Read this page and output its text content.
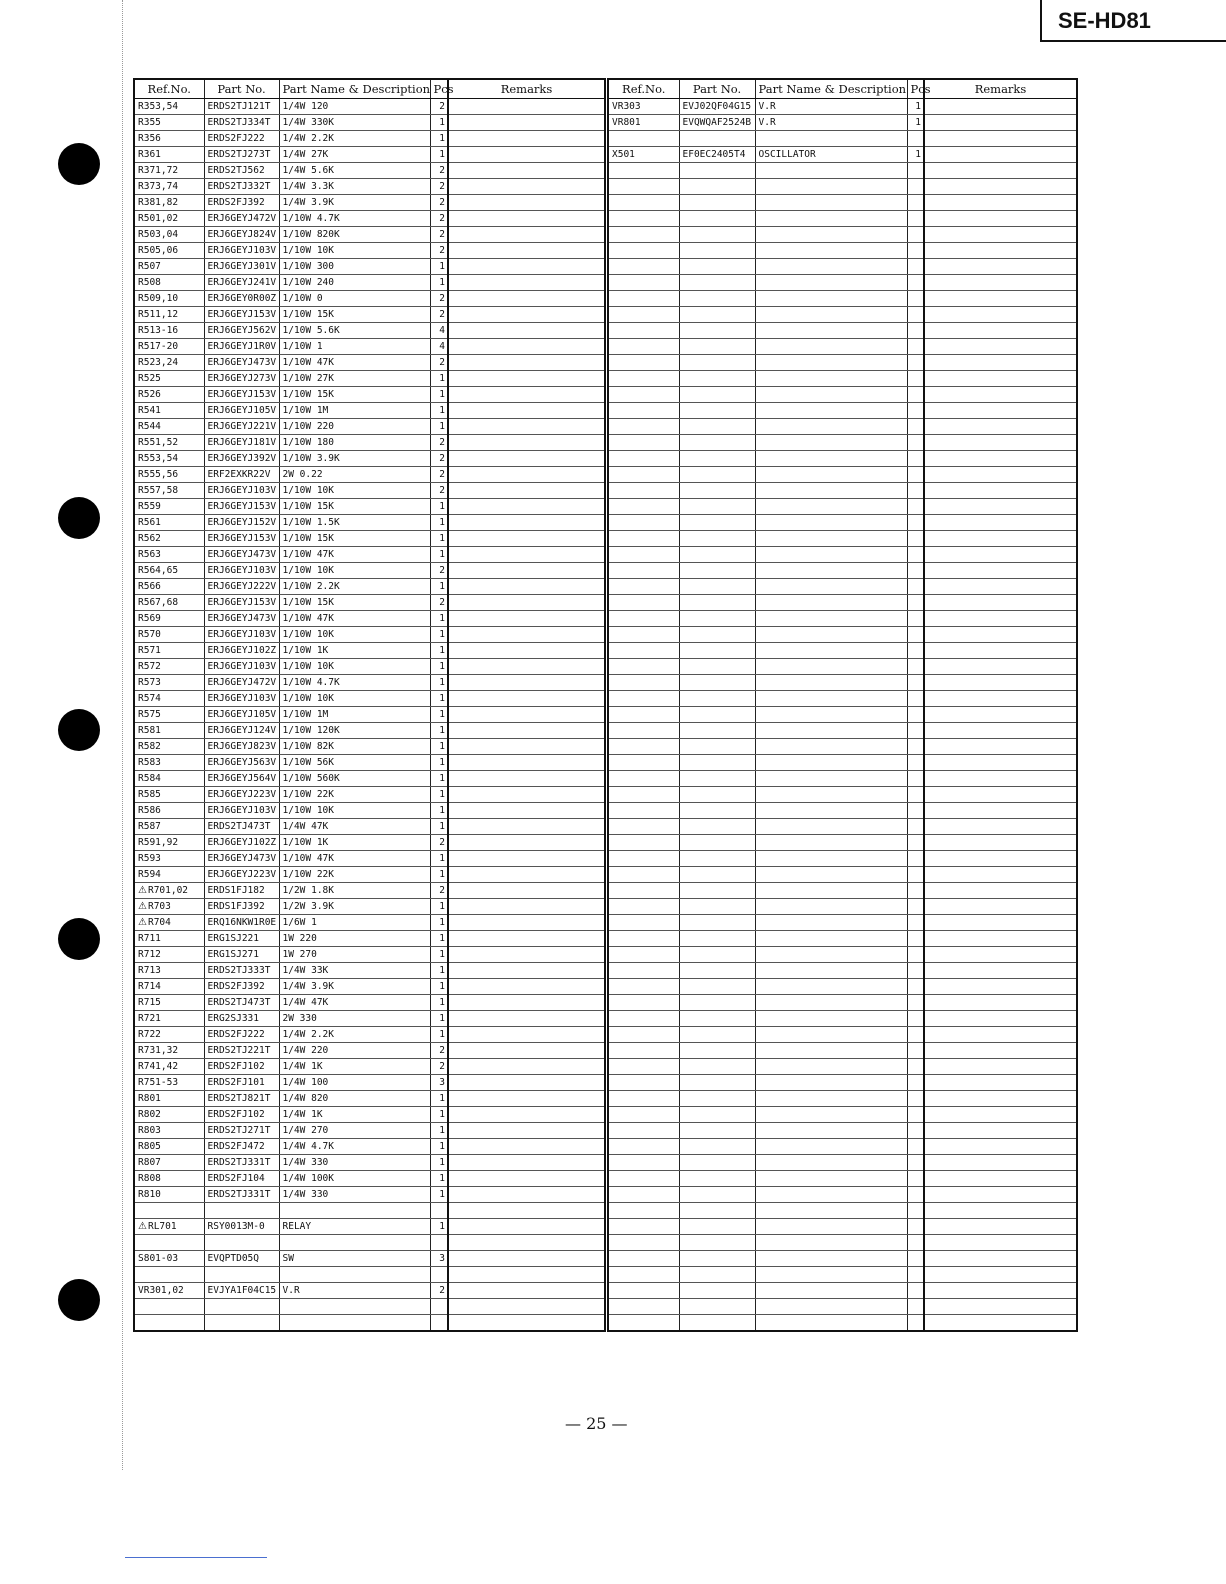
SE-HD81
Ref.No.	Part No.	Part Name & Description	Pcs	Remarks
R353,54	ERDS2TJ121T	1/4W 120	2	
R355	ERDS2TJ334T	1/4W 330K	1	
R356	ERDS2FJ222	1/4W 2.2K	1	
R361	ERDS2TJ273T	1/4W 27K	1	
R371,72	ERDS2TJ562	1/4W 5.6K	2	
R373,74	ERDS2TJ332T	1/4W 3.3K	2	
R381,82	ERDS2FJ392	1/4W 3.9K	2	
R501,02	ERJ6GEYJ472V	1/10W 4.7K	2	
R503,04	ERJ6GEYJ824V	1/10W 820K	2	
R505,06	ERJ6GEYJ103V	1/10W 10K	2	
R507	ERJ6GEYJ301V	1/10W 300	1	
R508	ERJ6GEYJ241V	1/10W 240	1	
R509,10	ERJ6GEY0R00Z	1/10W 0	2	
R511,12	ERJ6GEYJ153V	1/10W 15K	2	
R513-16	ERJ6GEYJ562V	1/10W 5.6K	4	
R517-20	ERJ6GEYJ1R0V	1/10W 1	4	
R523,24	ERJ6GEYJ473V	1/10W 47K	2	
R525	ERJ6GEYJ273V	1/10W 27K	1	
R526	ERJ6GEYJ153V	1/10W 15K	1	
R541	ERJ6GEYJ105V	1/10W 1M	1	
R544	ERJ6GEYJ221V	1/10W 220	1	
R551,52	ERJ6GEYJ181V	1/10W 180	2	
R553,54	ERJ6GEYJ392V	1/10W 3.9K	2	
R555,56	ERF2EXKR22V	2W 0.22	2	
R557,58	ERJ6GEYJ103V	1/10W 10K	2	
R559	ERJ6GEYJ153V	1/10W 15K	1	
R561	ERJ6GEYJ152V	1/10W 1.5K	1	
R562	ERJ6GEYJ153V	1/10W 15K	1	
R563	ERJ6GEYJ473V	1/10W 47K	1	
R564,65	ERJ6GEYJ103V	1/10W 10K	2	
R566	ERJ6GEYJ222V	1/10W 2.2K	1	
R567,68	ERJ6GEYJ153V	1/10W 15K	2	
R569	ERJ6GEYJ473V	1/10W 47K	1	
R570	ERJ6GEYJ103V	1/10W 10K	1	
R571	ERJ6GEYJ102Z	1/10W 1K	1	
R572	ERJ6GEYJ103V	1/10W 10K	1	
R573	ERJ6GEYJ472V	1/10W 4.7K	1	
R574	ERJ6GEYJ103V	1/10W 10K	1	
R575	ERJ6GEYJ105V	1/10W 1M	1	
R581	ERJ6GEYJ124V	1/10W 120K	1	
R582	ERJ6GEYJ823V	1/10W 82K	1	
R583	ERJ6GEYJ563V	1/10W 56K	1	
R584	ERJ6GEYJ564V	1/10W 560K	1	
R585	ERJ6GEYJ223V	1/10W 22K	1	
R586	ERJ6GEYJ103V	1/10W 10K	1	
R587	ERDS2TJ473T	1/4W 47K	1	
R591,92	ERJ6GEYJ102Z	1/10W 1K	2	
R593	ERJ6GEYJ473V	1/10W 47K	1	
R594	ERJ6GEYJ223V	1/10W 22K	1	
⚠R701,02	ERDS1FJ182	1/2W 1.8K	2	
⚠R703	ERDS1FJ392	1/2W 3.9K	1	
⚠R704	ERQ16NKW1R0E	1/6W 1	1	
R711	ERG1SJ221	1W 220	1	
R712	ERG1SJ271	1W 270	1	
R713	ERDS2TJ333T	1/4W 33K	1	
R714	ERDS2FJ392	1/4W 3.9K	1	
R715	ERDS2TJ473T	1/4W 47K	1	
R721	ERG2SJ331	2W 330	1	
R722	ERDS2FJ222	1/4W 2.2K	1	
R731,32	ERDS2TJ221T	1/4W 220	2	
R741,42	ERDS2FJ102	1/4W 1K	2	
R751-53	ERDS2FJ101	1/4W 100	3	
R801	ERDS2TJ821T	1/4W 820	1	
R802	ERDS2FJ102	1/4W 1K	1	
R803	ERDS2TJ271T	1/4W 270	1	
R805	ERDS2FJ472	1/4W 4.7K	1	
R807	ERDS2TJ331T	1/4W 330	1	
R808	ERDS2FJ104	1/4W 100K	1	
R810	ERDS2TJ331T	1/4W 330	1	

⚠RL701	RSY0013M-0	RELAY	1	

S801-03	EVQPTD05Q	SW	3	

VR301,02	EVJYA1F04C15	V.R	2	

Ref.No.	Part No.	Part Name & Description	Pcs	Remarks
VR303	EVJ02QF04G15	V.R	1	
VR801	EVQWQAF2524B	V.R	1	

X501	EF0EC2405T4	OSCILLATOR	1	

— 25 —
